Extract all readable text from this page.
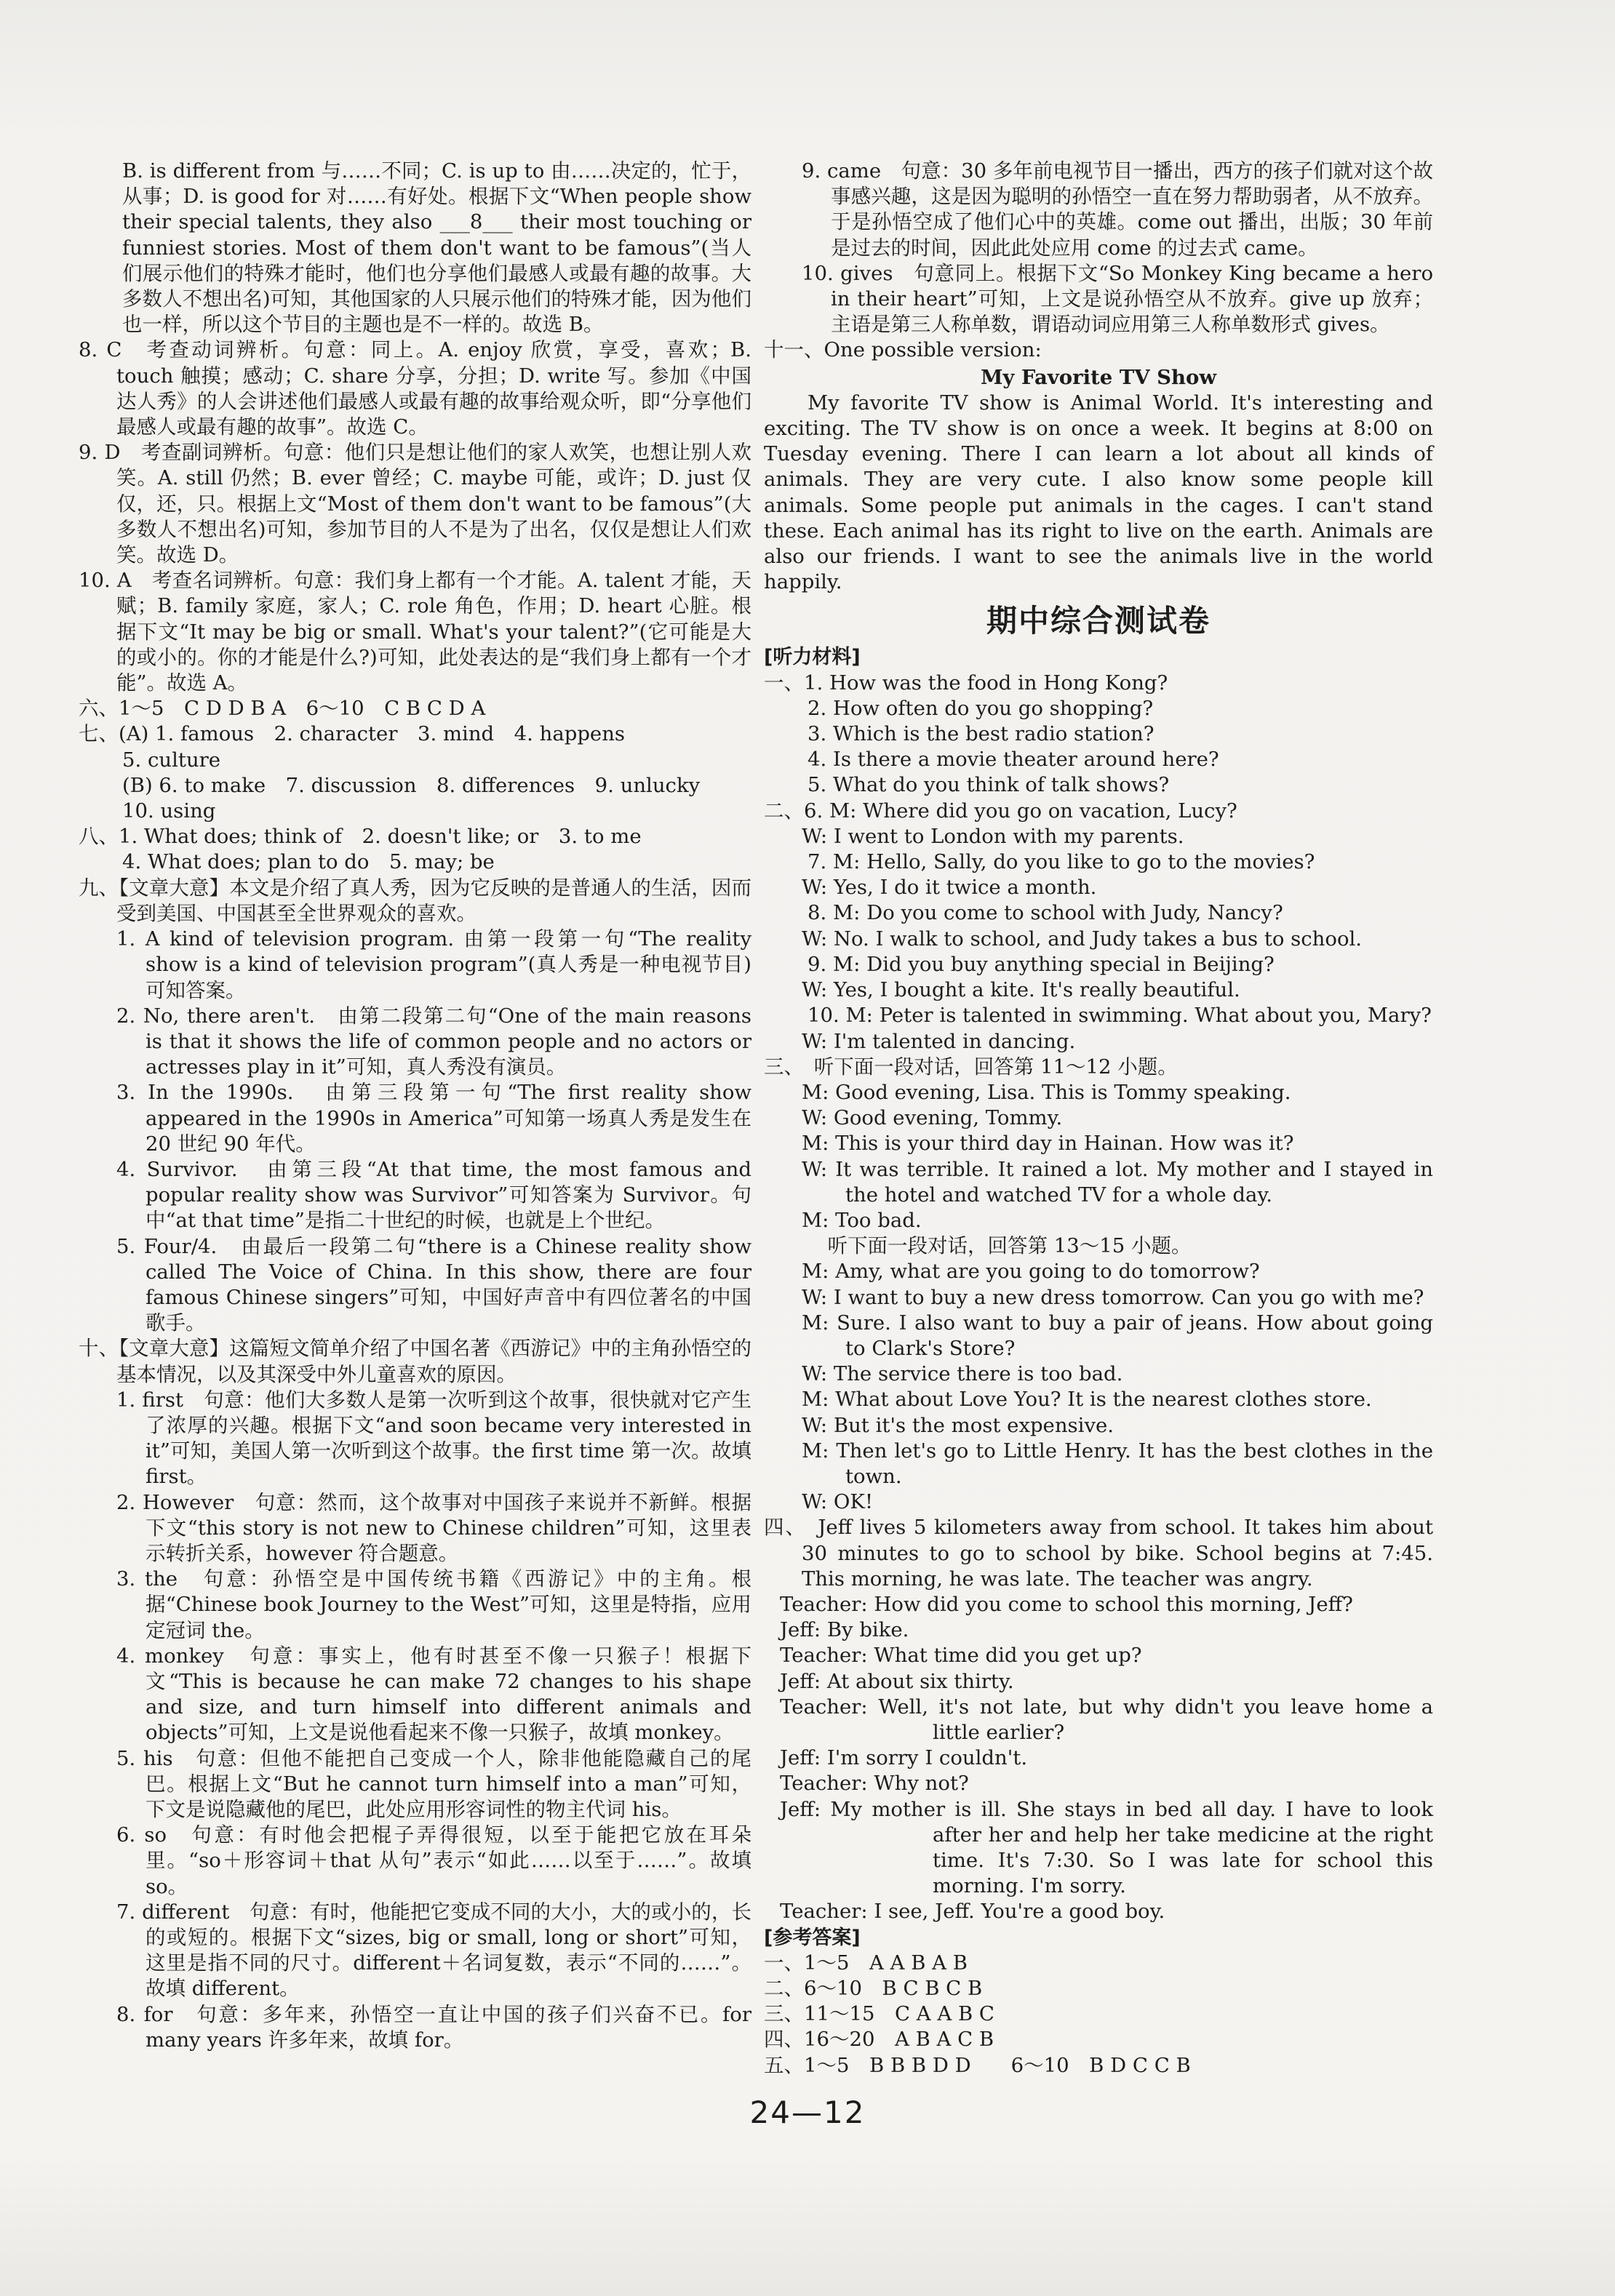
B. is different from 与……不同；C. is up to 由……决定的，忙于，从事；D. is good for 对……有好处。根据下文“When people show their special talents, they also ___8___ their most touching or funniest stories. Most of them don't want to be famous”(当人们展示他们的特殊才能时，他们也分享他们最感人或最有趣的故事。大多数人不想出名)可知，其他国家的人只展示他们的特殊才能，因为他们也一样，所以这个节目的主题也是不一样的。故选 B。

8. C　考查动词辨析。句意：同上。A. enjoy 欣赏，享受，喜欢；B. touch 触摸；感动；C. share 分享，分担；D. write 写。参加《中国达人秀》的人会讲述他们最感人或最有趣的故事给观众听，即“分享他们最感人或最有趣的故事”。故选 C。

9. D　考查副词辨析。句意：他们只是想让他们的家人欢笑，也想让别人欢笑。A. still 仍然；B. ever 曾经；C. maybe 可能，或许；D. just 仅仅，还，只。根据上文“Most of them don't want to be famous”(大多数人不想出名)可知，参加节目的人不是为了出名，仅仅是想让人们欢笑。故选 D。

10. A　考查名词辨析。句意：我们身上都有一个才能。A. talent 才能，天赋；B. family 家庭，家人；C. role 角色，作用；D. heart 心脏。根据下文“It may be big or small. What's your talent?”(它可能是大的或小的。你的才能是什么?)可知，此处表达的是“我们身上都有一个才能”。故选 A。

六、1～5　C D D B A　6～10　C B C D A

七、(A) 1. famous　2. character　3. mind　4. happens

5. culture

(B) 6. to make　7. discussion　8. differences　9. unlucky

10. using

八、1. What does; think of　2. doesn't like; or　3. to me

4. What does; plan to do　5. may; be

九、【文章大意】本文是介绍了真人秀，因为它反映的是普通人的生活，因而受到美国、中国甚至全世界观众的喜欢。

1. A kind of television program. 由第一段第一句“The reality show is a kind of television program”(真人秀是一种电视节目)可知答案。

2. No, there aren't.　由第二段第二句“One of the main reasons is that it shows the life of common people and no actors or actresses play in it”可知，真人秀没有演员。

3. In the 1990s.　由第三段第一句“The first reality show appeared in the 1990s in America”可知第一场真人秀是发生在 20 世纪 90 年代。

4. Survivor.　由第三段“At that time, the most famous and popular reality show was Survivor”可知答案为 Survivor。句中“at that time”是指二十世纪的时候，也就是上个世纪。

5. Four/4.　由最后一段第二句“there is a Chinese reality show called The Voice of China. In this show, there are four famous Chinese singers”可知，中国好声音中有四位著名的中国歌手。

十、【文章大意】这篇短文简单介绍了中国名著《西游记》中的主角孙悟空的基本情况，以及其深受中外儿童喜欢的原因。

1. first　句意：他们大多数人是第一次听到这个故事，很快就对它产生了浓厚的兴趣。根据下文“and soon became very interested in it”可知，美国人第一次听到这个故事。the first time 第一次。故填 first。

2. However　句意：然而，这个故事对中国孩子来说并不新鲜。根据下文“this story is not new to Chinese children”可知，这里表示转折关系，however 符合题意。

3. the　句意：孙悟空是中国传统书籍《西游记》中的主角。根据“Chinese book Journey to the West”可知，这里是特指，应用定冠词 the。

4. monkey　句意：事实上，他有时甚至不像一只猴子！根据下文“This is because he can make 72 changes to his shape and size, and turn himself into different animals and objects”可知，上文是说他看起来不像一只猴子，故填 monkey。

5. his　句意：但他不能把自己变成一个人，除非他能隐藏自己的尾巴。根据上文“But he cannot turn himself into a man”可知，下文是说隐藏他的尾巴，此处应用形容词性的物主代词 his。

6. so　句意：有时他会把棍子弄得很短，以至于能把它放在耳朵里。“so＋形容词＋that 从句”表示“如此……以至于……”。故填 so。

7. different　句意：有时，他能把它变成不同的大小，大的或小的，长的或短的。根据下文“sizes, big or small, long or short”可知，这里是指不同的尺寸。different＋名词复数，表示“不同的……”。故填 different。

8. for　句意：多年来，孙悟空一直让中国的孩子们兴奋不已。for many years 许多年来，故填 for。

9. came　句意：30 多年前电视节目一播出，西方的孩子们就对这个故事感兴趣，这是因为聪明的孙悟空一直在努力帮助弱者，从不放弃。于是孙悟空成了他们心中的英雄。come out 播出，出版；30 年前是过去的时间，因此此处应用 come 的过去式 came。

10. gives　句意同上。根据下文“So Monkey King became a hero in their heart”可知，上文是说孙悟空从不放弃。give up 放弃；主语是第三人称单数，谓语动词应用第三人称单数形式 gives。

十一、One possible version:

My Favorite TV Show

My favorite TV show is Animal World. It's interesting and exciting. The TV show is on once a week. It begins at 8:00 on Tuesday evening. There I can learn a lot about all kinds of animals. They are very cute. I also know some people kill animals. Some people put animals in the cages. I can't stand these. Each animal has its right to live on the earth. Animals are also our friends. I want to see the animals live in the world happily.

期中综合测试卷

[听力材料]

一、1. How was the food in Hong Kong?

2. How often do you go shopping?

3. Which is the best radio station?

4. Is there a movie theater around here?

5. What do you think of talk shows?

二、6. M: Where did you go on vacation, Lucy?

W: I went to London with my parents.

7. M: Hello, Sally, do you like to go to the movies?

W: Yes, I do it twice a month.

8. M: Do you come to school with Judy, Nancy?

W: No. I walk to school, and Judy takes a bus to school.

9. M: Did you buy anything special in Beijing?

W: Yes, I bought a kite. It's really beautiful.

10. M: Peter is talented in swimming. What about you, Mary?

W: I'm talented in dancing.

三、　听下面一段对话，回答第 11～12 小题。

M: Good evening, Lisa. This is Tommy speaking.

W: Good evening, Tommy.

M: This is your third day in Hainan. How was it?

W: It was terrible. It rained a lot. My mother and I stayed in the hotel and watched TV for a whole day.

M: Too bad.

　听下面一段对话，回答第 13～15 小题。

M: Amy, what are you going to do tomorrow?

W: I want to buy a new dress tomorrow. Can you go with me?

M: Sure. I also want to buy a pair of jeans. How about going to Clark's Store?

W: The service there is too bad.

M: What about Love You? It is the nearest clothes store.

W: But it's the most expensive.

M: Then let's go to Little Henry. It has the best clothes in the town.

W: OK!

四、　Jeff lives 5 kilometers away from school. It takes him about 30 minutes to go to school by bike. School begins at 7:45. This morning, he was late. The teacher was angry.

Teacher: How did you come to school this morning, Jeff?

Jeff: By bike.

Teacher: What time did you get up?

Jeff: At about six thirty.

Teacher: Well, it's not late, but why didn't you leave home a little earlier?

Jeff: I'm sorry I couldn't.

Teacher: Why not?

Jeff: My mother is ill. She stays in bed all day. I have to look after her and help her take medicine at the right time. It's 7:30. So I was late for school this morning. I'm sorry.

Teacher: I see, Jeff. You're a good boy.

[参考答案]

一、1～5　A A B A B

二、6～10　B C B C B

三、11～15　C A A B C

四、16～20　A B A C B

五、1～5　B B B D D　　6～10　B D C C B

24—12
